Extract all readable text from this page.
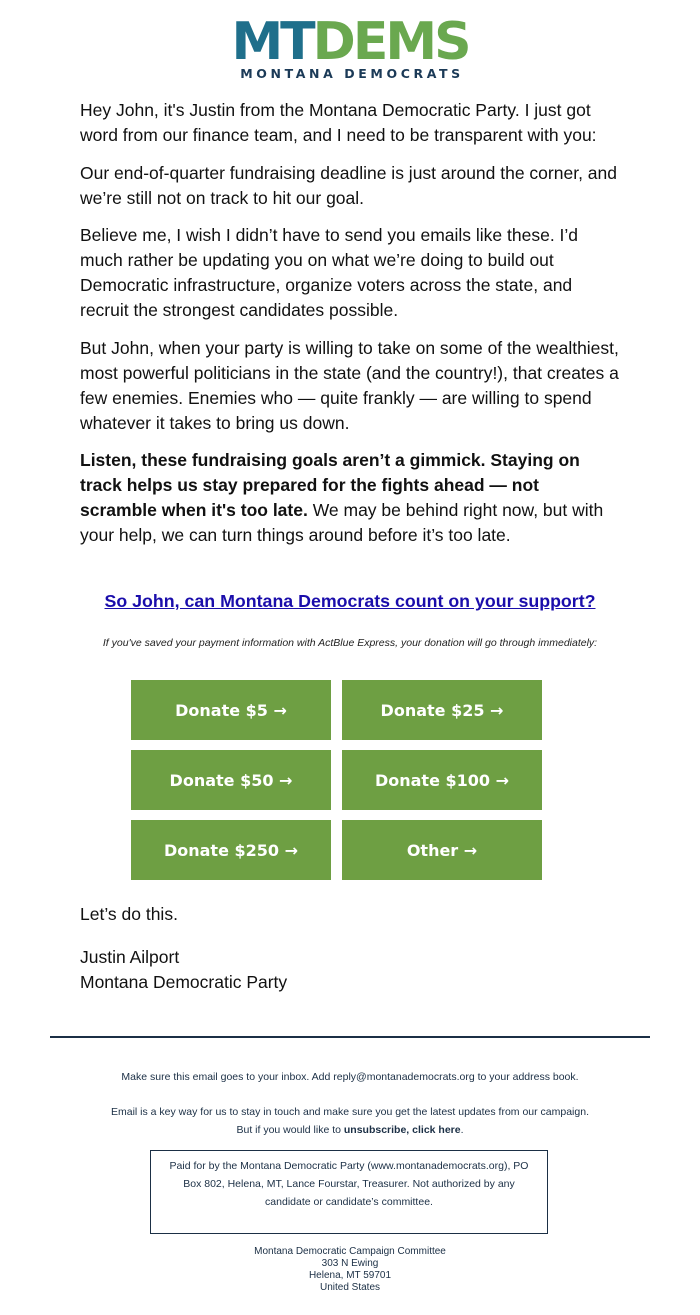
MTDEMS
MONTANA DEMOCRATS

Hey John, it's Justin from the Montana Democratic Party. I just got word from our finance team, and I need to be transparent with you:

Our end-of-quarter fundraising deadline is just around the corner, and we’re still not on track to hit our goal.

Believe me, I wish I didn’t have to send you emails like these. I’d much rather be updating you on what we’re doing to build out Democratic infrastructure, organize voters across the state, and recruit the strongest candidates possible.

But John, when your party is willing to take on some of the wealthiest, most powerful politicians in the state (and the country!), that creates a few enemies. Enemies who — quite frankly — are willing to spend whatever it takes to bring us down.

Listen, these fundraising goals aren’t a gimmick. Staying on track helps us stay prepared for the fights ahead — not scramble when it's too late. We may be behind right now, but with your help, we can turn things around before it’s too late.

So John, can Montana Democrats count on your support?
If you've saved your payment information with ActBlue Express, your donation will go through immediately:
Donate $5 →	Donate $25 →
Donate $50 →	Donate $100 →
Donate $250 →	Other →

Let’s do this.

Justin Ailport
Montana Democratic Party
Make sure this email goes to your inbox. Add reply@montanademocrats.org to your address book.
Email is a key way for us to stay in touch and make sure you get the latest updates from our campaign.
But if you would like to unsubscribe, click here.
Paid for by the Montana Democratic Party (www.montanademocrats.org), PO Box 802, Helena, MT, Lance Fourstar, Treasurer. Not authorized by any candidate or candidate’s committee.
Montana Democratic Campaign Committee
303 N Ewing
Helena, MT 59701
United States
